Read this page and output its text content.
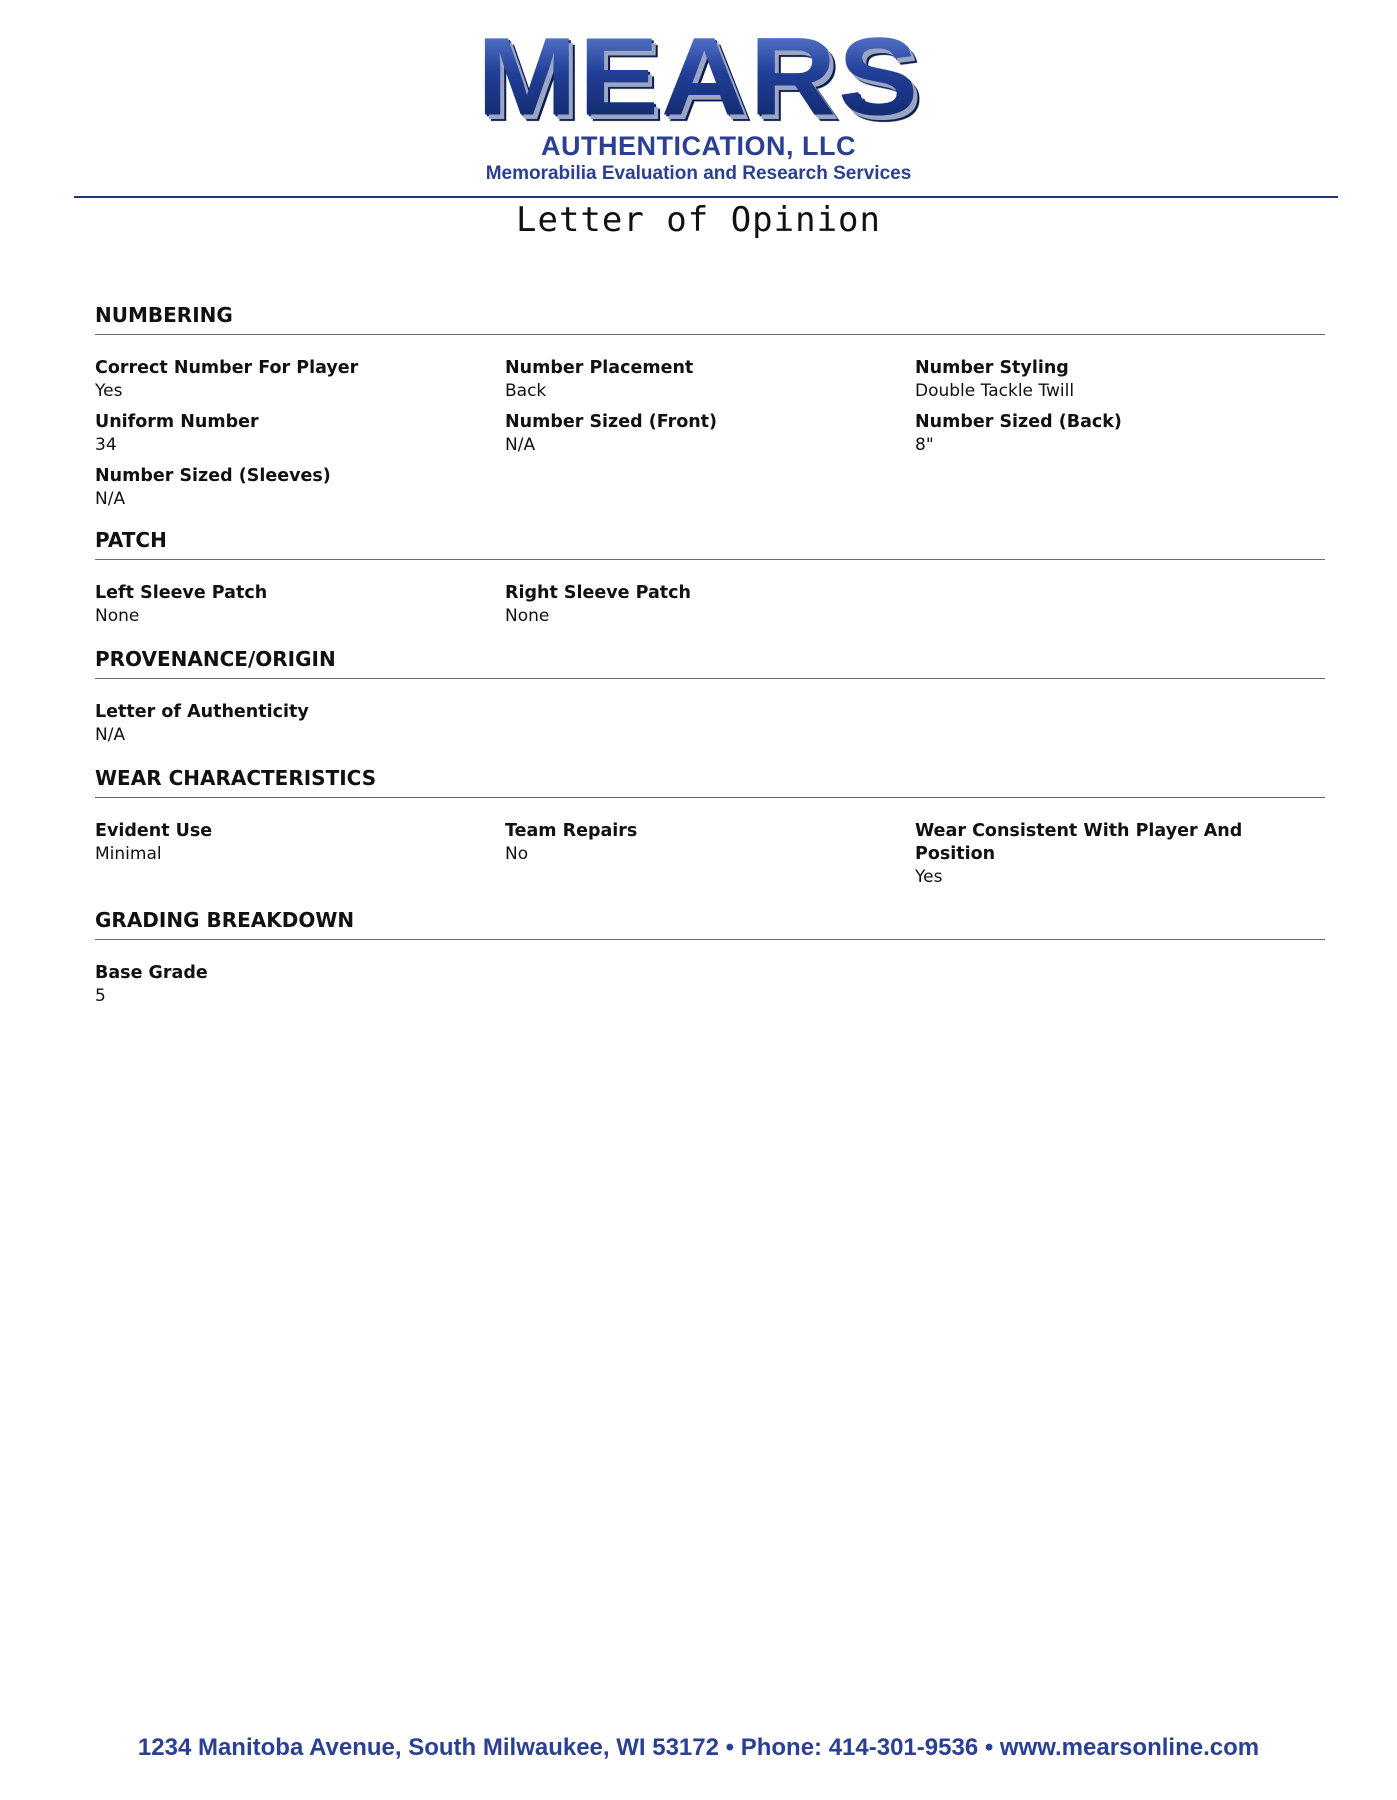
MEARS
AUTHENTICATION, LLC
Memorabilia Evaluation and Research Services
Letter of Opinion
NUMBERING
Correct Number For Player
Yes
Number Placement
Back
Number Styling
Double Tackle Twill
Uniform Number
34
Number Sized (Front)
N/A
Number Sized (Back)
8"
Number Sized (Sleeves)
N/A
PATCH
Left Sleeve Patch
None
Right Sleeve Patch
None
PROVENANCE/ORIGIN
Letter of Authenticity
N/A
WEAR CHARACTERISTICS
Evident Use
Minimal
Team Repairs
No
Wear Consistent With Player And Position
Yes
GRADING BREAKDOWN
Base Grade
5
1234 Manitoba Avenue, South Milwaukee, WI 53172 • Phone: 414-301-9536 • www.mearsonline.com
